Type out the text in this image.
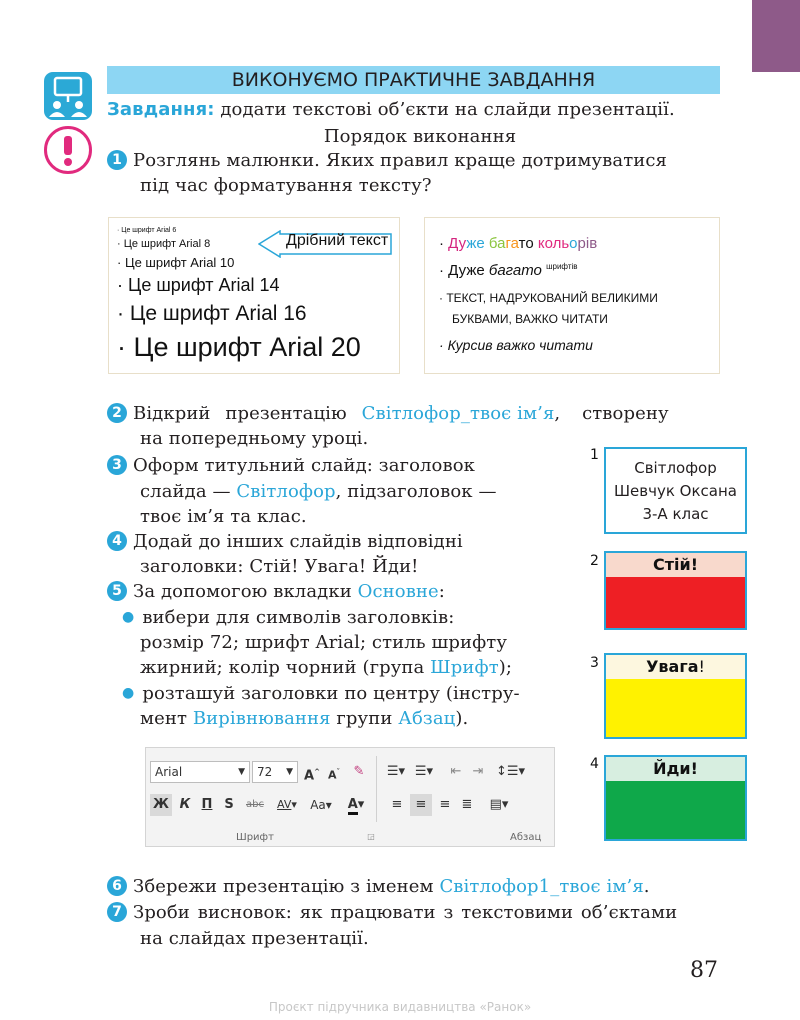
ВИКОНУЄМО ПРАКТИЧНЕ ЗАВДАННЯ
Завдання: додати текстові об’єкти на слайди презентації.
Порядок виконання
1 Розглянь малюнки. Яких правил краще дотримуватися
під час форматування тексту?
· Це шрифт Arial 6
· Це шрифт Arial 8
· Це шрифт Arial 10
· Це шрифт Arial 14
· Це шрифт Arial 16
· Це шрифт Arial 20
Дрібний текст	· Дуже багато кольорів
· Дуже багато $^{шрифтів}$
· ТЕКСТ, НАДРУКОВАНИЙ ВЕЛИКИМИ
БУКВАМИ, ВАЖКО ЧИТАТИ
· Курсив важко читати
2 Відкрий презентацію Світлофор_твоє ім’я, створену
на попередньому уроці.
3 Оформ титульний слайд: заголовок
слайда — Світлофор, підзаголовок —
твоє ім’я та клас.
4 Додай до інших слайдів відповідні
заголовки: Стій! Увага! Йди!
5 За допомогою вкладки Основне:
● вибери для символів заголовків:
розмір 72; шрифт Arial; стиль шрифту
жирний; колір чорний (група Шрифт);
● розташуй заголовки по центру (інстру-
мент Вирівнювання групи Абзац).
1
Світлофор
Шевчук Оксана
3-А клас
2	Стій!
3	Увага!
4	Йди!
Arial	▼	72 ▼ A^ $A^ˇ$ ✎ ☰▾ ☰▾	⇤ ⇥ ↕☰▾
Ж К П S	abc	AV▾	Aa▾	A▾ ≡	≡	≡ ≣	▤▾
Шрифт	◲	Абзац
6 Збережи презентацію з іменем Світлофор1_твоє ім’я.
7 Зроби висновок: як працювати з текстовими об’єктами
на слайдах презентації.
87
Проєкт підручника видавництва «Ранок»
